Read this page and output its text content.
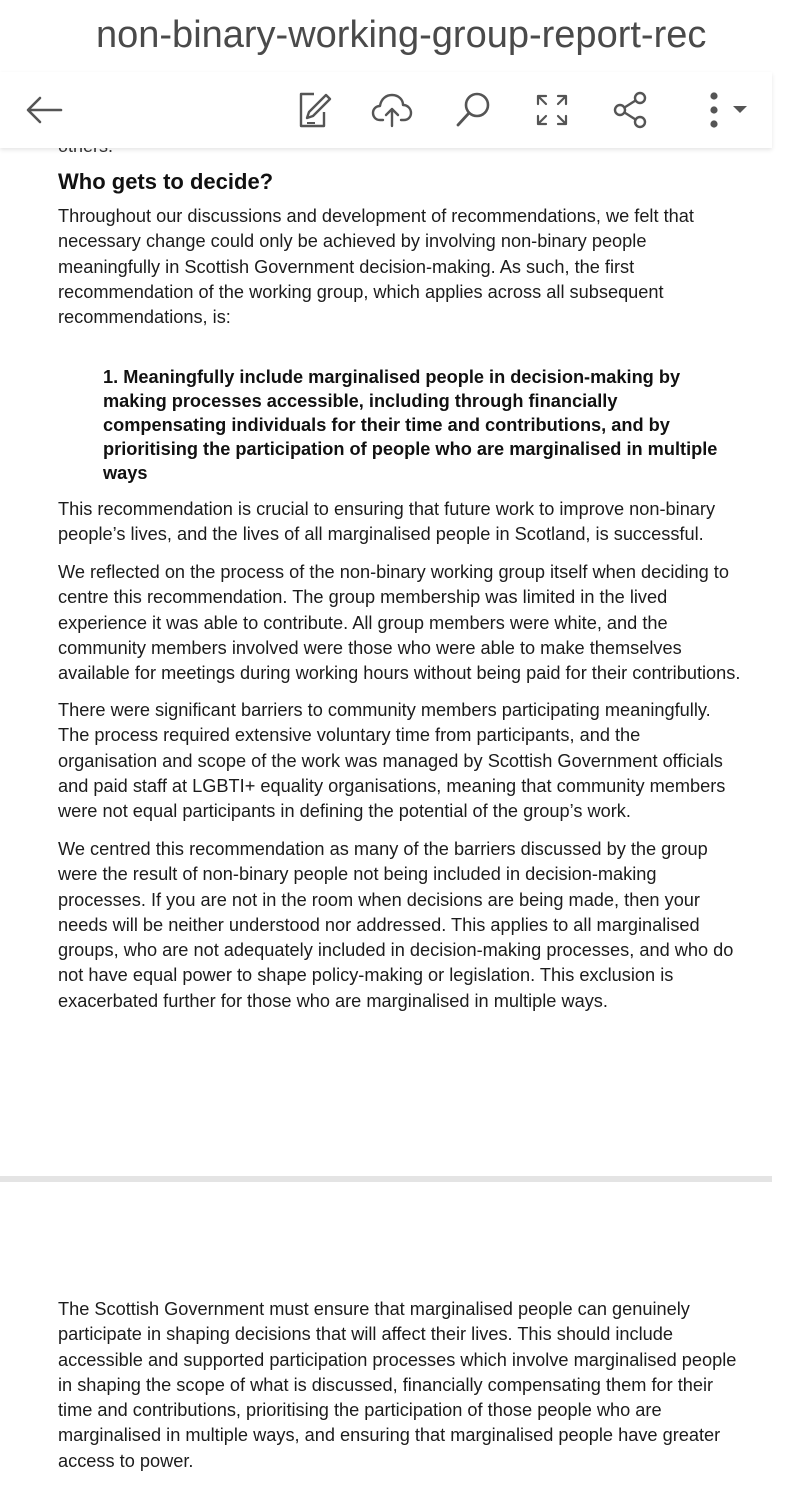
non-binary-working-group-report-rec
Who gets to decide?
Throughout our discussions and development of recommendations, we felt that
necessary change could only be achieved by involving non-binary people
meaningfully in Scottish Government decision-making. As such, the first
recommendation of the working group, which applies across all subsequent
recommendations, is:
1. Meaningfully include marginalised people in decision-making by
making processes accessible, including through financially
compensating individuals for their time and contributions, and by
prioritising the participation of people who are marginalised in multiple
ways
This recommendation is crucial to ensuring that future work to improve non-binary
people’s lives, and the lives of all marginalised people in Scotland, is successful.
We reflected on the process of the non-binary working group itself when deciding to
centre this recommendation. The group membership was limited in the lived
experience it was able to contribute. All group members were white, and the
community members involved were those who were able to make themselves
available for meetings during working hours without being paid for their contributions.
There were significant barriers to community members participating meaningfully.
The process required extensive voluntary time from participants, and the
organisation and scope of the work was managed by Scottish Government officials
and paid staff at LGBTI+ equality organisations, meaning that community members
were not equal participants in defining the potential of the group’s work.
We centred this recommendation as many of the barriers discussed by the group
were the result of non-binary people not being included in decision-making
processes. If you are not in the room when decisions are being made, then your
needs will be neither understood nor addressed. This applies to all marginalised
groups, who are not adequately included in decision-making processes, and who do
not have equal power to shape policy-making or legislation. This exclusion is
exacerbated further for those who are marginalised in multiple ways.
The Scottish Government must ensure that marginalised people can genuinely
participate in shaping decisions that will affect their lives. This should include
accessible and supported participation processes which involve marginalised people
in shaping the scope of what is discussed, financially compensating them for their
time and contributions, prioritising the participation of those people who are
marginalised in multiple ways, and ensuring that marginalised people have greater
access to power.
